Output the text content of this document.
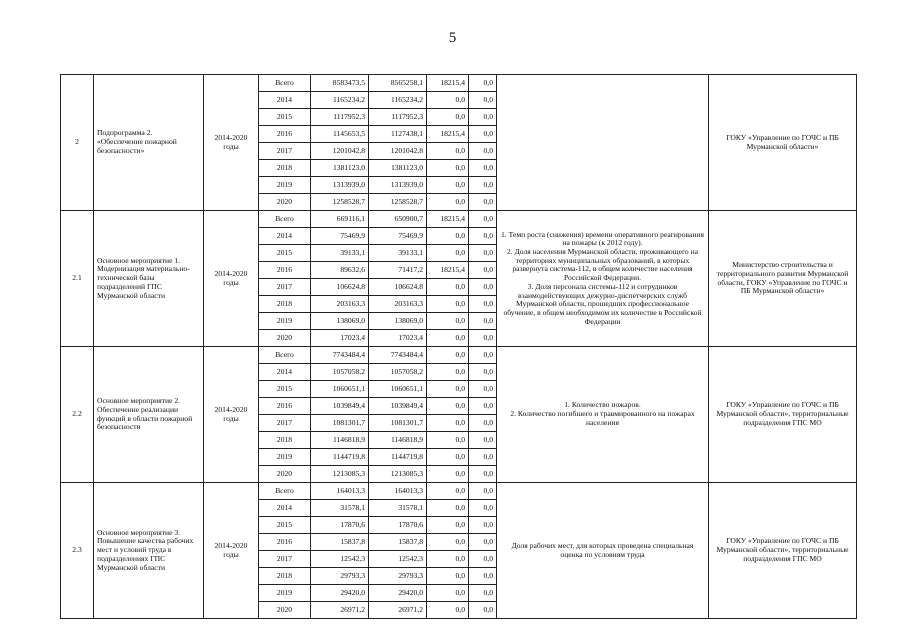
5
2	Подпрограмма 2. «Обеспечение пожарной безопасности»	2014-2020 годы	Всего	8583473,5	8565258,1	18215,4	0,0		ГОКУ «Управление по ГОЧС и ПБ Мурманской области»
			2014	1165234,2	1165234,2	0,0	0,0		
			2015	1117952,3	1117952,3	0,0	0,0		
			2016	1145653,5	1127438,1	18215,4	0,0		
			2017	1201042,8	1201042,8	0,0	0,0		
			2018	1381123,0	1381123,0	0,0	0,0		
			2019	1313939,0	1313939,0	0,0	0,0		
			2020	1258528,7	1258528,7	0,0	0,0		
2.1	Основное мероприятие 1. Модернизация материально-технической базы подразделений ГПС Мурманской области	2014-2020 годы	Всего	669116,1	650900,7	18215,4	0,0	1. Темп роста (снижения) времени оперативного реагирования на пожары (к 2012 году).
2. Доля населения Мурманской области, проживающего на территориях муниципальных образований, в которых развернута система-112, в общем количестве населения Российской Федерации.
3. Доля персонала системы-112 и сотрудников взаимодействующих дежурно-диспетчерских служб Мурманской области, прошедших профессиональное обучение, в общем необходимом их количестве в Российской Федерации	Министерство строительства и территориального развития Мурманской области, ГОКУ «Управление по ГОЧС и ПБ Мурманской области»
			2014	75469,9	75469,9	0,0	0,0		
			2015	39133,1	39133,1	0,0	0,0		
			2016	89632,6	71417,2	18215,4	0,0		
			2017	106624,8	106624,8	0,0	0,0		
			2018	203163,3	203163,3	0,0	0,0		
			2019	138069,0	138069,0	0,0	0,0		
			2020	17023,4	17023,4	0,0	0,0		
2.2	Основное мероприятие 2. Обеспечение реализации функций в области пожарной безопасности	2014-2020 годы	Всего	7743484,4	7743484,4	0,0	0,0	1. Количество пожаров.
2. Количество погибшего и травмированного на пожарах населения	ГОКУ «Управление по ГОЧС и ПБ Мурманской области», территориальные подразделения ГПС МО
			2014	1057058,2	1057058,2	0,0	0,0		
			2015	1060651,1	1060651,1	0,0	0,0		
			2016	1039849,4	1039849,4	0,0	0,0		
			2017	1081301,7	1081301,7	0,0	0,0		
			2018	1146818,9	1146818,9	0,0	0,0		
			2019	1144719,8	1144719,8	0,0	0,0		
			2020	1213085,3	1213085,3	0,0	0,0		
2.3	Основное мероприятие 3. Повышение качества рабочих мест и условий труда в подразделениях ГПС Мурманской области	2014-2020 годы	Всего	164013,3	164013,3	0,0	0,0	Доля рабочих мест, для которых проведена специальная оценка по условиям труда	ГОКУ «Управление по ГОЧС и ПБ Мурманской области», территориальные подразделения ГПС МО
			2014	31578,1	31578,1	0,0	0,0		
			2015	17870,6	17870,6	0,0	0,0		
			2016	15837,8	15837,8	0,0	0,0		
			2017	12542,3	12542,3	0,0	0,0		
			2018	29793,3	29793,3	0,0	0,0		
			2019	29420,0	29420,0	0,0	0,0		
			2020	26971,2	26971,2	0,0	0,0		
